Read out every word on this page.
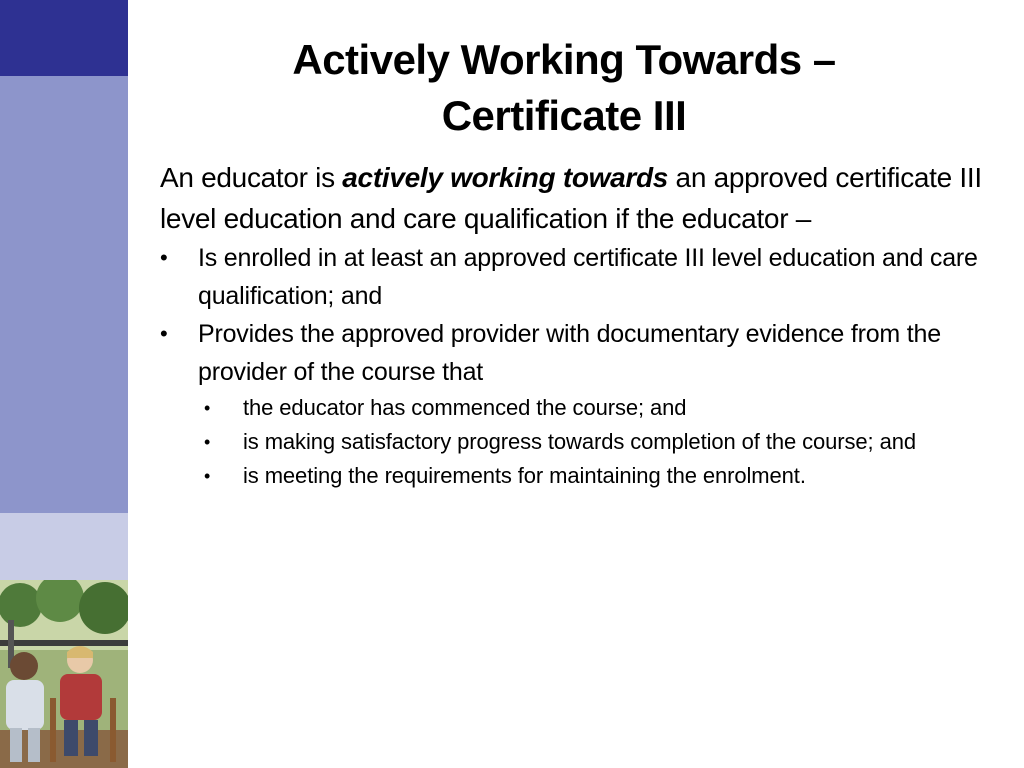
Actively Working Towards –
Certificate III

An educator is actively working towards an approved certificate III level education and care qualification if the educator –

• Is enrolled in at least an approved certificate III level education and care qualification; and
• Provides the approved provider with documentary evidence from the provider of the course that
• the educator has commenced the course; and
• is making satisfactory progress towards completion of the course; and
• is meeting the requirements for maintaining the enrolment.
